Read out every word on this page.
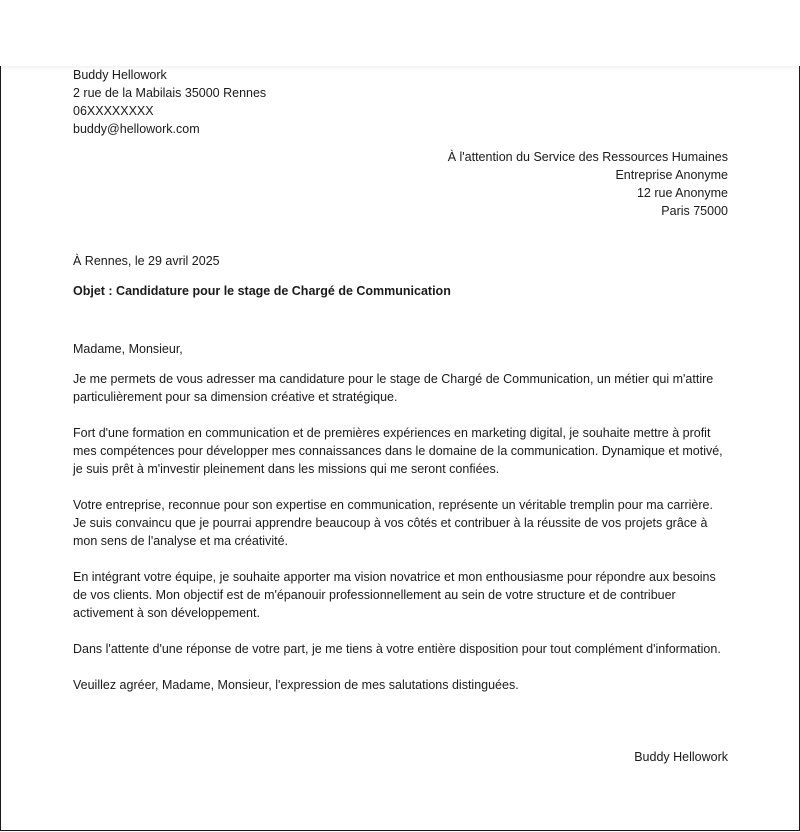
Buddy Hellowork
2 rue de la Mabilais 35000 Rennes
06XXXXXXXX
buddy@hellowork.com
À l'attention du Service des Ressources Humaines
Entreprise Anonyme
12 rue Anonyme
Paris 75000
À Rennes, le 29 avril 2025
Objet : Candidature pour le stage de Chargé de Communication
Madame, Monsieur,

Je me permets de vous adresser ma candidature pour le stage de Chargé de Communication, un métier qui m'attire particulièrement pour sa dimension créative et stratégique.

Fort d'une formation en communication et de premières expériences en marketing digital, je souhaite mettre à profit mes compétences pour développer mes connaissances dans le domaine de la communication. Dynamique et motivé, je suis prêt à m'investir pleinement dans les missions qui me seront confiées.

Votre entreprise, reconnue pour son expertise en communication, représente un véritable tremplin pour ma carrière. Je suis convaincu que je pourrai apprendre beaucoup à vos côtés et contribuer à la réussite de vos projets grâce à mon sens de l'analyse et ma créativité.

En intégrant votre équipe, je souhaite apporter ma vision novatrice et mon enthousiasme pour répondre aux besoins de vos clients. Mon objectif est de m'épanouir professionnellement au sein de votre structure et de contribuer activement à son développement.

Dans l'attente d'une réponse de votre part, je me tiens à votre entière disposition pour tout complément d'information.

Veuillez agréer, Madame, Monsieur, l'expression de mes salutations distinguées.

Buddy Hellowork
